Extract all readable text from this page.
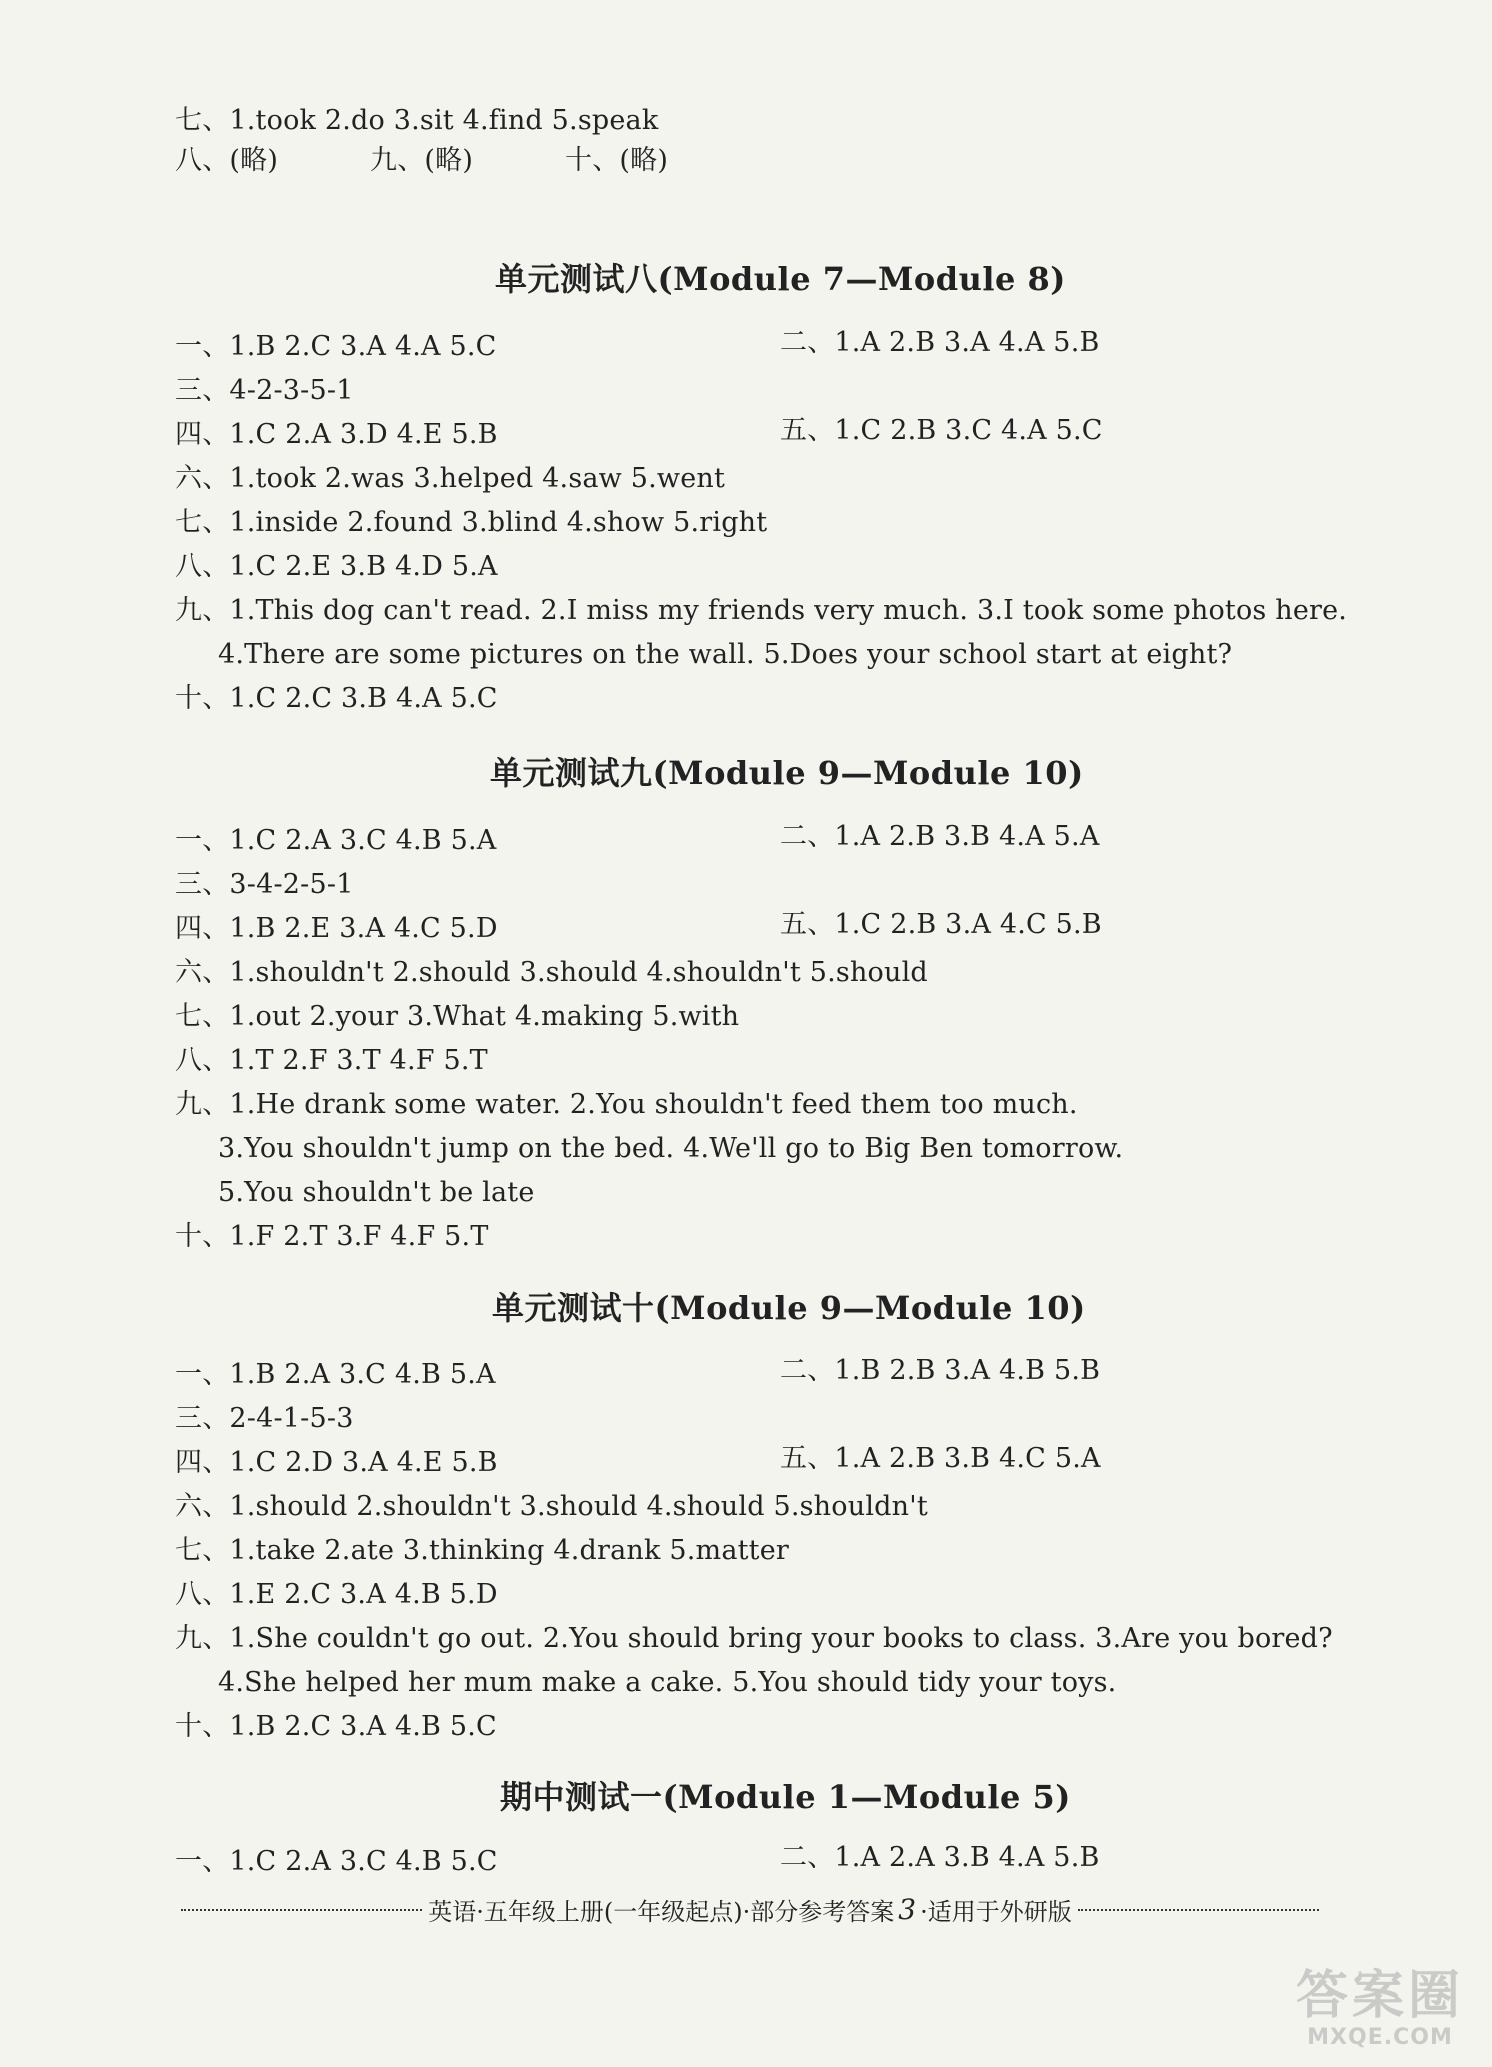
七、1.took 2.do 3.sit 4.find 5.speak
八、(略)	九、(略)	十、(略)
单元测试八(Module 7—Module 8)
一、1.B 2.C 3.A 4.A 5.C	二、1.A 2.B 3.A 4.A 5.B
三、4-2-3-5-1
四、1.C 2.A 3.D 4.E 5.B	五、1.C 2.B 3.C 4.A 5.C
六、1.took 2.was 3.helped 4.saw 5.went
七、1.inside 2.found 3.blind 4.show 5.right
八、1.C 2.E 3.B 4.D 5.A
九、1.This dog can't read. 2.I miss my friends very much. 3.I took some photos here.
4.There are some pictures on the wall. 5.Does your school start at eight?
十、1.C 2.C 3.B 4.A 5.C
单元测试九(Module 9—Module 10)
一、1.C 2.A 3.C 4.B 5.A	二、1.A 2.B 3.B 4.A 5.A
三、3-4-2-5-1
四、1.B 2.E 3.A 4.C 5.D	五、1.C 2.B 3.A 4.C 5.B
六、1.shouldn't 2.should 3.should 4.shouldn't 5.should
七、1.out 2.your 3.What 4.making 5.with
八、1.T 2.F 3.T 4.F 5.T
九、1.He drank some water. 2.You shouldn't feed them too much.
3.You shouldn't jump on the bed. 4.We'll go to Big Ben tomorrow.
5.You shouldn't be late
十、1.F 2.T 3.F 4.F 5.T
单元测试十(Module 9—Module 10)
一、1.B 2.A 3.C 4.B 5.A	二、1.B 2.B 3.A 4.B 5.B
三、2-4-1-5-3
四、1.C 2.D 3.A 4.E 5.B	五、1.A 2.B 3.B 4.C 5.A
六、1.should 2.shouldn't 3.should 4.should 5.shouldn't
七、1.take 2.ate 3.thinking 4.drank 5.matter
八、1.E 2.C 3.A 4.B 5.D
九、1.She couldn't go out. 2.You should bring your books to class. 3.Are you bored?
4.She helped her mum make a cake. 5.You should tidy your toys.
十、1.B 2.C 3.A 4.B 5.C
期中测试一(Module 1—Module 5)
一、1.C 2.A 3.C 4.B 5.C	二、1.A 2.A 3.B 4.A 5.B
英语·五年级上册(一年级起点)·部分参考答案 3 ·适用于外研版
答案圈
MXQE.COM
